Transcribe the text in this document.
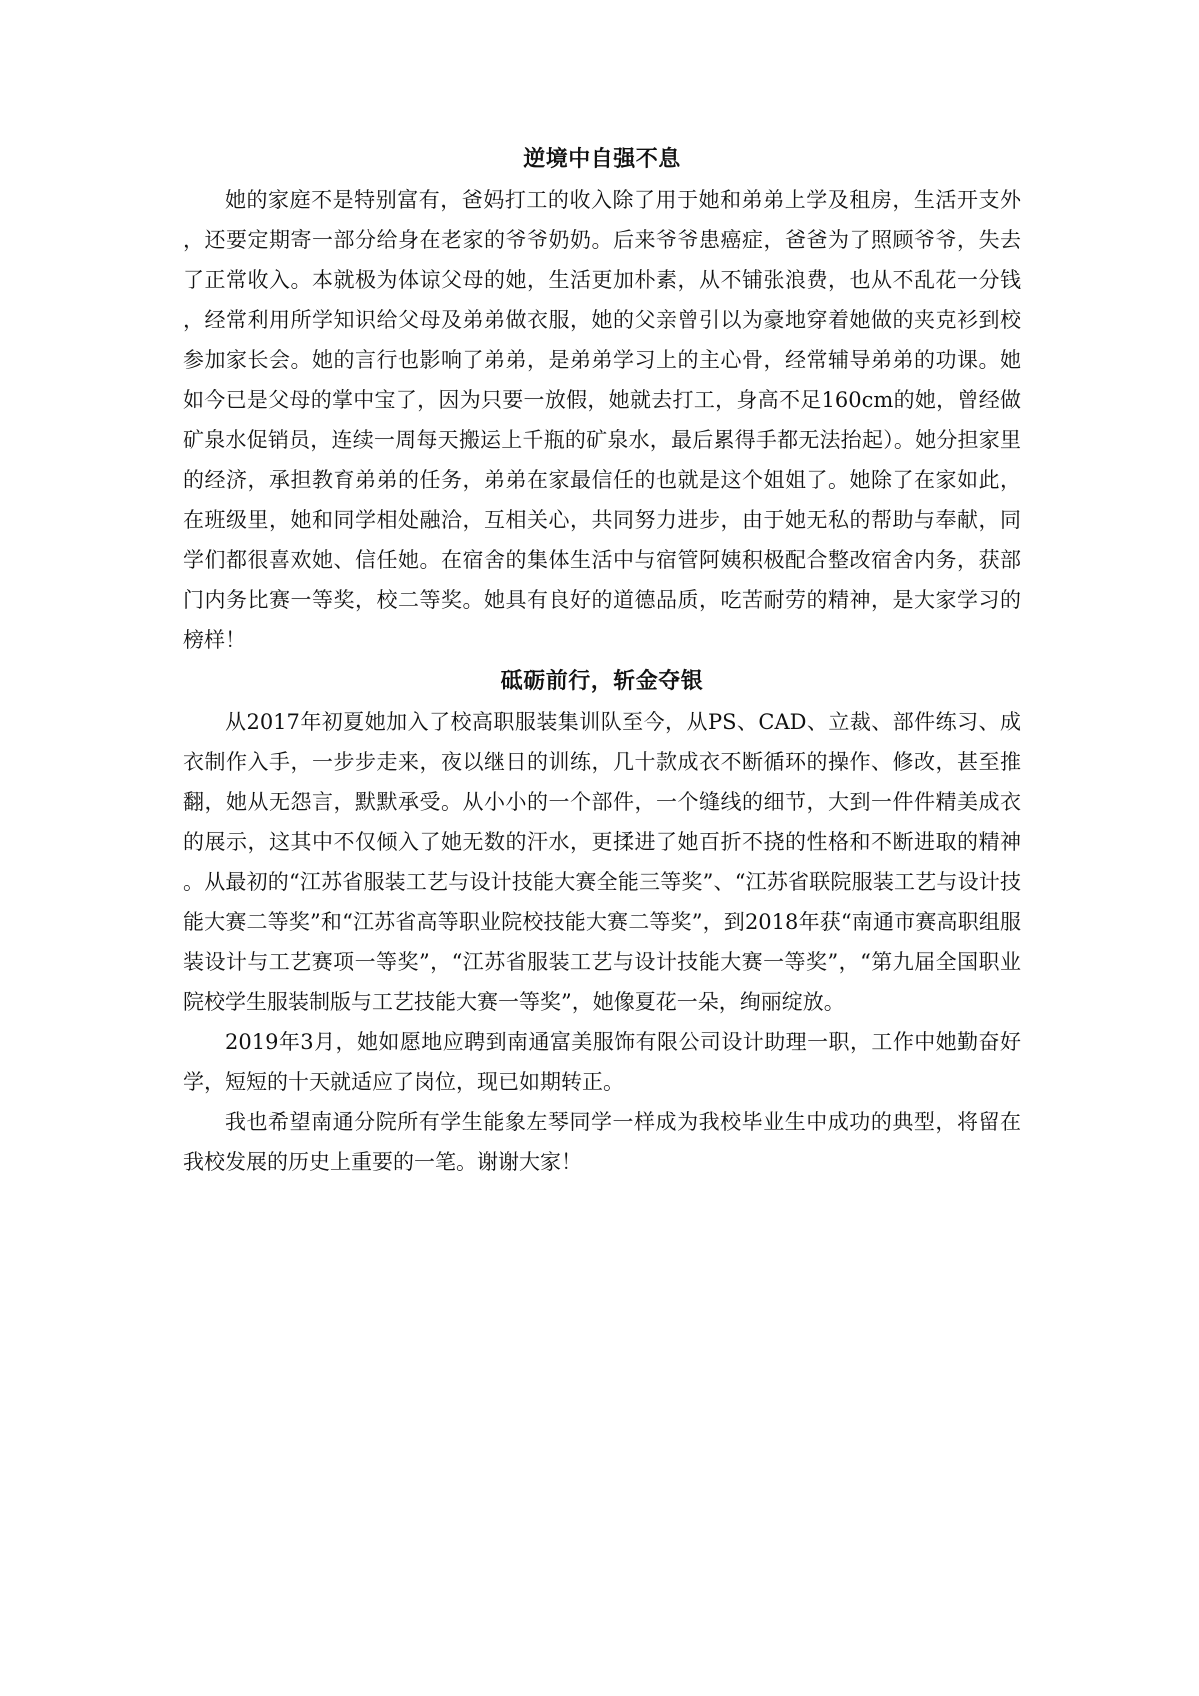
逆境中自强不息

她的家庭不是特别富有，爸妈打工的收入除了用于她和弟弟上学及租房，生活开支外，还要定期寄一部分给身在老家的爷爷奶奶。后来爷爷患癌症，爸爸为了照顾爷爷，失去了正常收入。本就极为体谅父母的她，生活更加朴素，从不铺张浪费，也从不乱花一分钱，经常利用所学知识给父母及弟弟做衣服，她的父亲曾引以为豪地穿着她做的夹克衫到校参加家长会。她的言行也影响了弟弟，是弟弟学习上的主心骨，经常辅导弟弟的功课。她如今已是父母的掌中宝了，因为只要一放假，她就去打工，身高不足160cm的她，曾经做矿泉水促销员，连续一周每天搬运上千瓶的矿泉水，最后累得手都无法抬起）。她分担家里的经济，承担教育弟弟的任务，弟弟在家最信任的也就是这个姐姐了。她除了在家如此，在班级里，她和同学相处融洽，互相关心，共同努力进步，由于她无私的帮助与奉献，同学们都很喜欢她、信任她。在宿舍的集体生活中与宿管阿姨积极配合整改宿舍内务，获部门内务比赛一等奖，校二等奖。她具有良好的道德品质，吃苦耐劳的精神，是大家学习的榜样！

砥砺前行，斩金夺银

从2017年初夏她加入了校高职服装集训队至今，从PS、CAD、立裁、部件练习、成衣制作入手，一步步走来，夜以继日的训练，几十款成衣不断循环的操作、修改，甚至推翻，她从无怨言，默默承受。从小小的一个部件，一个缝线的细节，大到一件件精美成衣的展示，这其中不仅倾入了她无数的汗水，更揉进了她百折不挠的性格和不断进取的精神。从最初的“江苏省服装工艺与设计技能大赛全能三等奖”、“江苏省联院服装工艺与设计技能大赛二等奖”和“江苏省高等职业院校技能大赛二等奖”，到2018年获“南通市赛高职组服装设计与工艺赛项一等奖”，“江苏省服装工艺与设计技能大赛一等奖”，“第九届全国职业院校学生服装制版与工艺技能大赛一等奖”，她像夏花一朵，绚丽绽放。

2019年3月，她如愿地应聘到南通富美服饰有限公司设计助理一职，工作中她勤奋好学，短短的十天就适应了岗位，现已如期转正。

我也希望南通分院所有学生能象左琴同学一样成为我校毕业生中成功的典型，将留在我校发展的历史上重要的一笔。谢谢大家！
